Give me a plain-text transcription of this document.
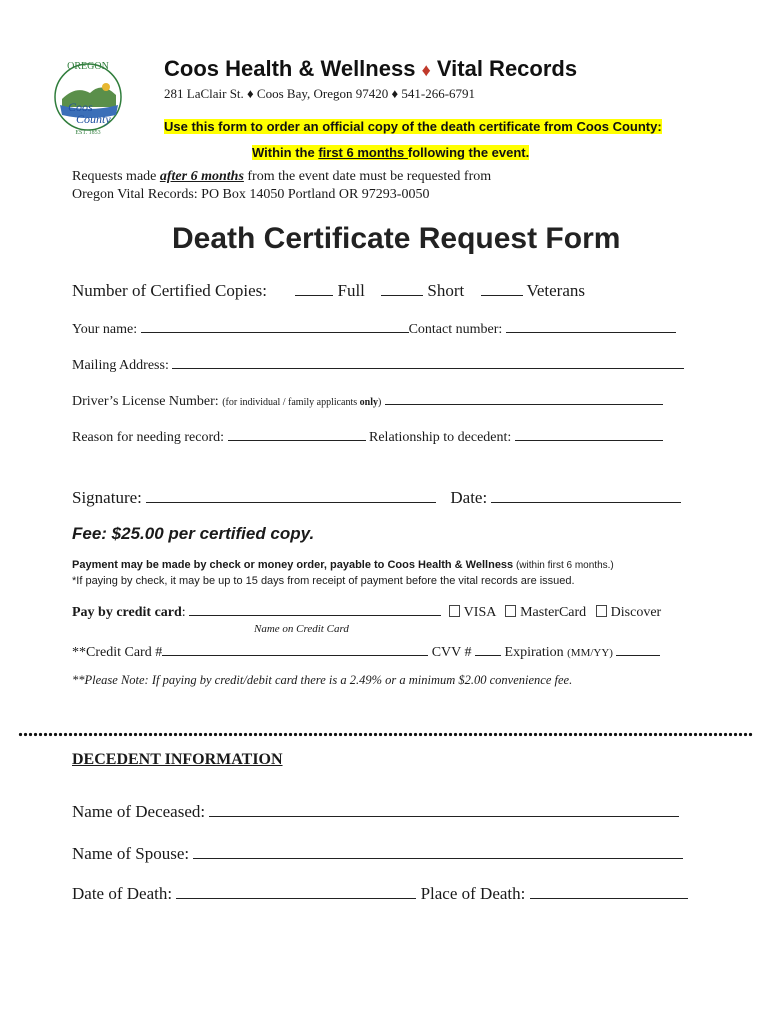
OREGON
Coos
County
EST. 1853
Coos Health & Wellness ♦ Vital Records
281 LaClair St. ♦ Coos Bay, Oregon 97420 ♦ 541-266-6791
Use this form to order an official copy of the death certificate from Coos County:
Within the first 6 months following the event.
Requests made after 6 months from the event date must be requested from
Oregon Vital Records: PO Box 14050 Portland OR 97293-0050
Death Certificate Request Form
Number of Certified Copies:	Full	Short	Veterans
Your name:	Contact number:
Mailing Address:
Driver’s License Number: (for individual / family applicants only)
Reason for needing record:	Relationship to decedent:
Signature:	Date:
Fee: $25.00 per certified copy.
Payment may be made by check or money order, payable to Coos Health & Wellness (within first 6 months.)
*If paying by check, it may be up to 15 days from receipt of payment before the vital records are issued.
Pay by credit card:	VISA MasterCard Discover
Name on Credit Card
**Credit Card #	CVV # Expiration (MM/YY)
**Please Note: If paying by credit/debit card there is a 2.49% or a minimum $2.00 convenience fee.
DECEDENT INFORMATION
Name of Deceased:
Name of Spouse:
Date of Death:	Place of Death:
